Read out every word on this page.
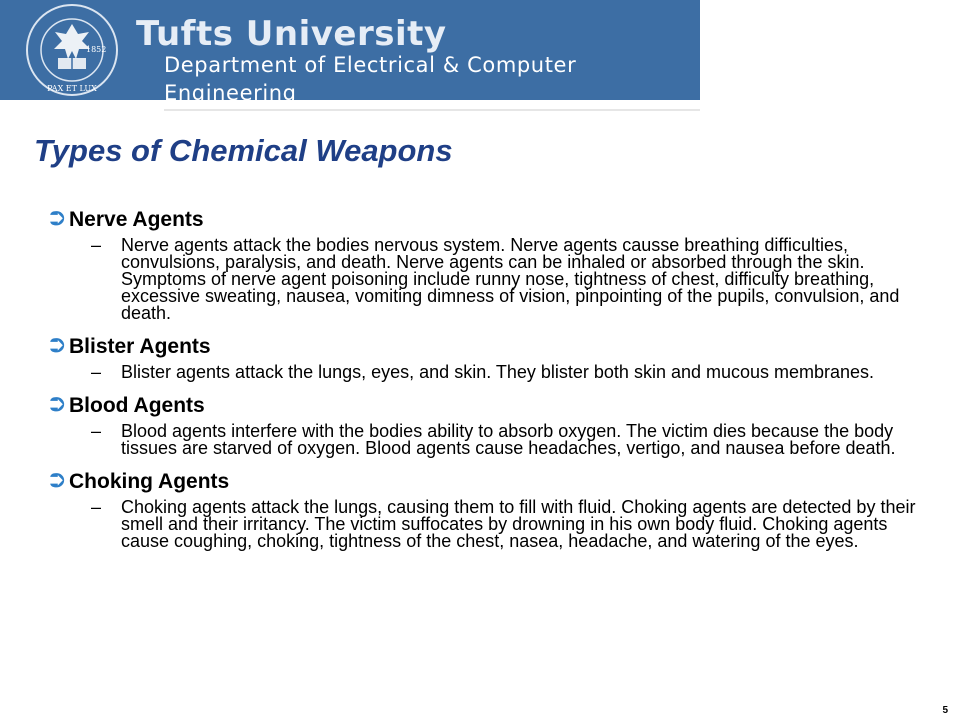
1852
PAX ET LUX
Tufts University
Department of Electrical & Computer Engineering
Types of Chemical Weapons
⮊ Nerve Agents
–	Nerve agents attack the bodies nervous system. Nerve agents causse breathing difficulties, convulsions, paralysis, and death. Nerve agents can be inhaled or absorbed through the skin. Symptoms of nerve agent poisoning include runny nose, tightness of chest, difficulty breathing, excessive sweating, nausea, vomiting dimness of vision, pinpointing of the pupils, convulsion, and death.
⮊ Blister Agents
–	Blister agents attack the lungs, eyes, and skin. They blister both skin and mucous membranes.
⮊ Blood Agents
–	Blood agents interfere with the bodies ability to absorb oxygen. The victim dies because the body tissues are starved of oxygen. Blood agents cause headaches, vertigo, and nausea before death.
⮊ Choking Agents
–	Choking agents attack the lungs, causing them to fill with fluid. Choking agents are detected by their smell and their irritancy. The victim suffocates by drowning in his own body fluid. Choking agents cause coughing, choking, tightness of the chest, nasea, headache, and watering of the eyes.
5
